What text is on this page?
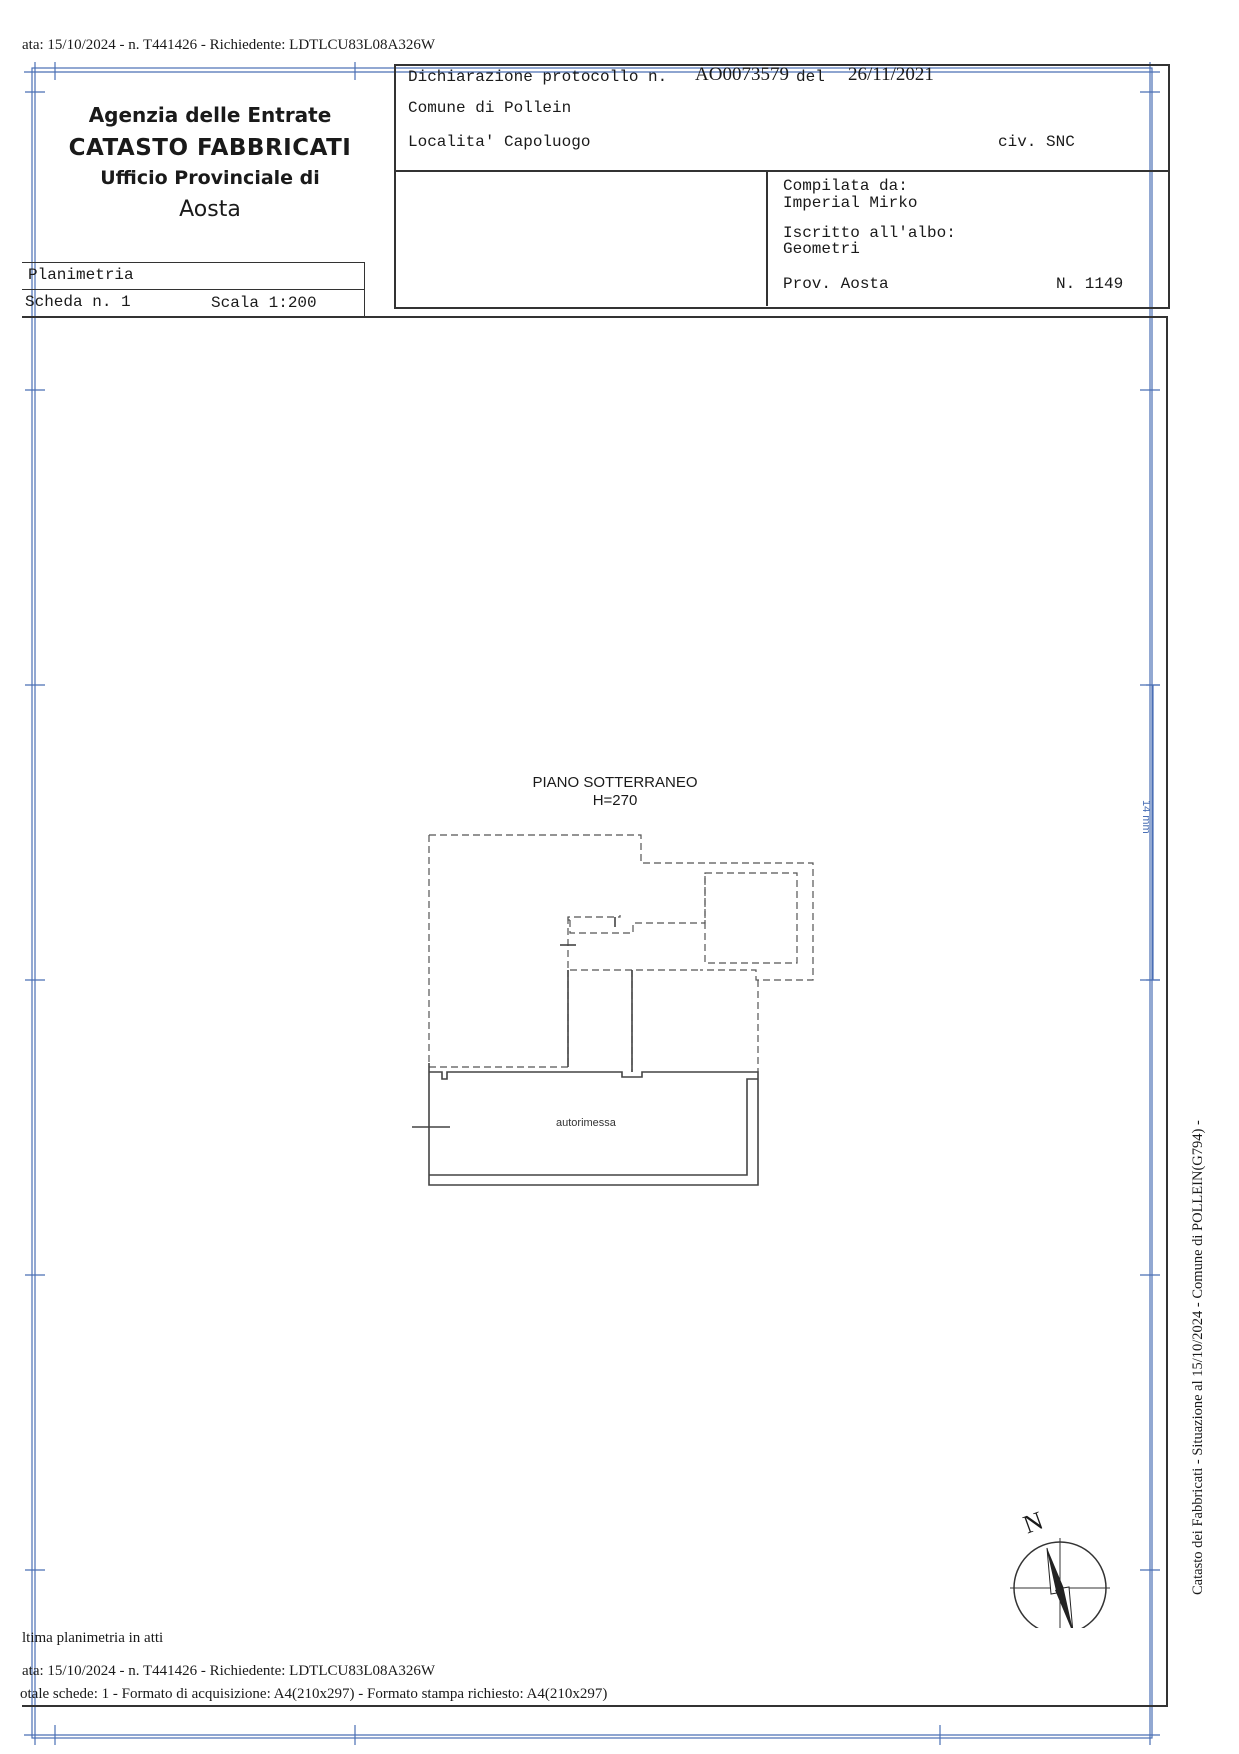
ata: 15/10/2024 - n. T441426 - Richiedente: LDTLCU83L08A326W
14 mm
Agenzia delle Entrate
CATASTO FABBRICATI
Ufficio Provinciale di
Aosta
Dichiarazione protocollo n. AO0073579 del 26/11/2021
Comune di Pollein
Localita' Capoluogo	civ. SNC
Compilata da:
Imperial Mirko
Iscritto all'albo:
Geometri
Prov. Aosta	N. 1149
Planimetria
Scheda n. 1	Scala 1:200
PIANO SOTTERRANEO
H=270
autorimessa
N
ltima planimetria in atti
ata: 15/10/2024 - n. T441426 - Richiedente: LDTLCU83L08A326W
otale schede: 1 - Formato di acquisizione: A4(210x297) - Formato stampa richiesto: A4(210x297)
Catasto dei Fabbricati - Situazione al 15/10/2024 - Comune di POLLEIN(G794) -
